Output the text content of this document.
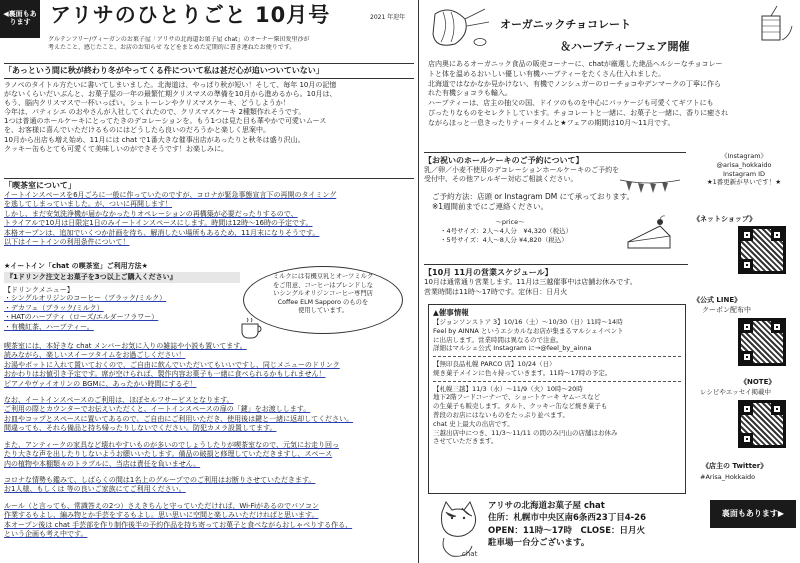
◀裏面もあります アリサのひとりごと 10月号	2021 年迎年
グルテンフリー/ヴィーガンのお菓子屋「アリサの北海道お菓子屋 chat」のオーナー柴田愛里沙が
考えたこと、感じたこと、お店のお知らせ などをまとめた定期的に書き連ねたお便りです。
「あっという間に秋が終わり冬がやってくる件について私は甚だ心が追いついていない」
ラノベのタイトル方たいに書いてしまいました。北海道は、やっぱり秋が短い！そして、毎年 10月の記憶
がないくらいだいぶんと、お菓子屋の一年の最繁忙期クリスマスの準備を10月から進めるから。10月は、
もう、脳内クリスマスで一杯いっぱい。シュトーレンやクリスマスケーキ、どうしようか！
今年は、パティシエ のおやさんが入社してくれたので、クリスマスケーキ 2種類作れそうです。
1つは普通のホールケーキにとってたきのデコレーションを。もう1つは見た目も華やかで可愛いムース
を、お客様に喜んでいただけるものにはどうしたら良いのだろうかと楽しく思案中。
10月から出店も増え始め、11月には chat で1番大きな催事出店があったりと秋冬は盛り沢山。
クッキー缶もとても可愛くて美味しいのができそうです！お楽しみに。
「喫茶室について」
イートインスペースを6月ごろに一般に作っていたのですが、コロナが緊急事態宣言下の再開のタイミング
を逃してしまっていました。が、ついに再開します！
しかし、まだ安気洗浄機が届かなかったりオペレーションの再構築が必要だったりするので、
トライアルで10月は日限定1日のみイートインスペースにします。時間は12時〜16時の予定です。
本格オープンは、追加でいくつか計画を待ち、解消したい場所もあるため、11月末になりそうです。
以下はイートインの利用条件について！
★イートイン「chat の喫茶室」ご利用方法★
『1ドリンク注文とお菓子を3つ以上ご購入ください』
【ドリンクメニュー】
・シングルオリジンのコーヒー（ブラック/ミルク）
・デカフェ（ブラック/ミルク）
・HATのハーブティ（ローズ/エルダーフラワー）
・有機紅茶、ハーブティー。
ミルクには有機豆乳とオーツミルク
をご用意、コーヒーはブレンドしな
いシングルオリジンコーヒー専門店
Coffee ELM Sapporo のものを
使用しています。
喫茶室には、本好きな chat メンバーお気に入りの雑誌や小説も置いてます。
読みながら、楽しいスイーツタイムをお過ごしください！
お湯やポットに入れて置いておくので、ご自由に飲んでいただいてもいいですし、同じメニューのドリンク
おかわりはお値引き予定です。席が空けられば、製作内容お菓子も一緒に食べられるかもしれません！
ピアノやヴァイオリンの BGMに、あったかい時間にするぞ！
なお、イートインスペースのご利用は、ほぼセルフサービスとなります。
ご利用の際とカウンターでお伝えいただくと、イートインスペースの扉の「鍵」をお渡しします。
お皿やコップとスペースに置いてあるので、ご自由にご利用いただき、使用後は鍵と一緒に返却してください。
間違っても、それら備品と持ち帰ったりしないでください。防犯カメラ設置してます。
また、アンティークの家具など壊れやすいものが多いのでしょうしたりが喫茶室なので、元気にお走り回っ
たり大きな声を出したりしないようお願いいたします。備品の破損と修理していただきますし、スペース
内の植物や本棚類々のトラブルに、当店は責任を負いません。
コロナな情勢も鑑みて、しばらくの間は1名上のグループでのご利用はお断りさせていただきます。
お1人様、もしくは 等の良いご家族にてご利用ください。
ルール（と言っても、常識答えの2つ）さえきちんと守っていただければ、Wi-Fiがあるのでパソコン
作業するもよし、編み物とか手芸をするもよし。思い思いに空間と楽しみいただければと思います。
本オープン後は chat 手芸部を作り制作後半の予約作品を持ち寄ってお菓子と食べながらおしゃべりする作る、
という企画も考え中です。
オーガニックチョコレート
＆ハーブティーフェア開催
店内奥にあるオーガニック食品の販売コーナーに、chatが厳選した絶品ヘルシーなチョコレー
トと体を温めるおいしい優しい有機ハーブティーをたくさん仕入れました。
北海道ではなかなか見かけない、有機でノンシュガーのローチョコやデンマークの丁寧に作ら
れた有機ショコラも輸入。
ハーブティーは、店主の抽父の国、ドイツのものを中心にパッケージも可愛くてギフトにも
ぴったりなものをセレクトしています。チョコレートと一緒に、お菓子と一緒に、香りに癒され
ながらほっと一息きったりティータイムと★フェアの期間は10月～11月です。
【お祝いのホールケーキのご予約について】
乳／卵／小麦不使用のデコレーションホールケーキのご予約を
受付中、その他アレルギー対応ご相談ください。
ご予約方法：店頭 or Instagram DM にて承っております。
※1週間前までにご連絡ください。
〜price〜
・4号サイズ：2人〜4人分　¥4,320（税込）
・5号サイズ：4人〜8人分 ¥4,820（税込）
《Instagram》
@arisa_hokkaido
Instagram ID
★1番更新が早いです！★
《ネットショップ》
《公式 LINE》
クーポン配布中
《NOTE》
レシピやエッセイ掲載中
《店主の Twitter》
#Arisa_Hokkaido
裏面もあります▶
【10月 11月の営業スケジュール】
10月は通常通り営業します。11月は三越催事中は店舗お休みです。
営業時間は11時〜17時です。定休日：日月火
▲催事情報
【ジョンソンストア 3】10/16（土）〜10/30（日）11時〜14時
Feel by AINNA というエシカルなお店が集まるマルシェイベント
に出店します。営業時間は異なるので注意。
詳細はマルシェ公式 Instagram に→@feel_by_ainna
【無印良品札幌 PARCO 店】10/24（日）
焼き菓子メインに色々持っていきます。11時〜17時の予定。
【札幌三越】11/3（水）〜11/9（火）10時〜20時
地下2階フードコーナーで、ショートケーキ ヤムースなど
の生菓子も販売します。タルト、クッキー缶など焼き菓子も
普段のお店にはないものをたっぷり並べます。
chat 史上最大の出店です。
三越出店中につき、11/3〜11/11 の間のみ円山の店舗はお休み
させていただきます。
chat
アリサの北海道お菓子屋 chat
住所：札幌市中央区南6条西23丁目4-26
OPEN：11時〜17時　CLOSE：日月火
駐車場一台分ございます。
